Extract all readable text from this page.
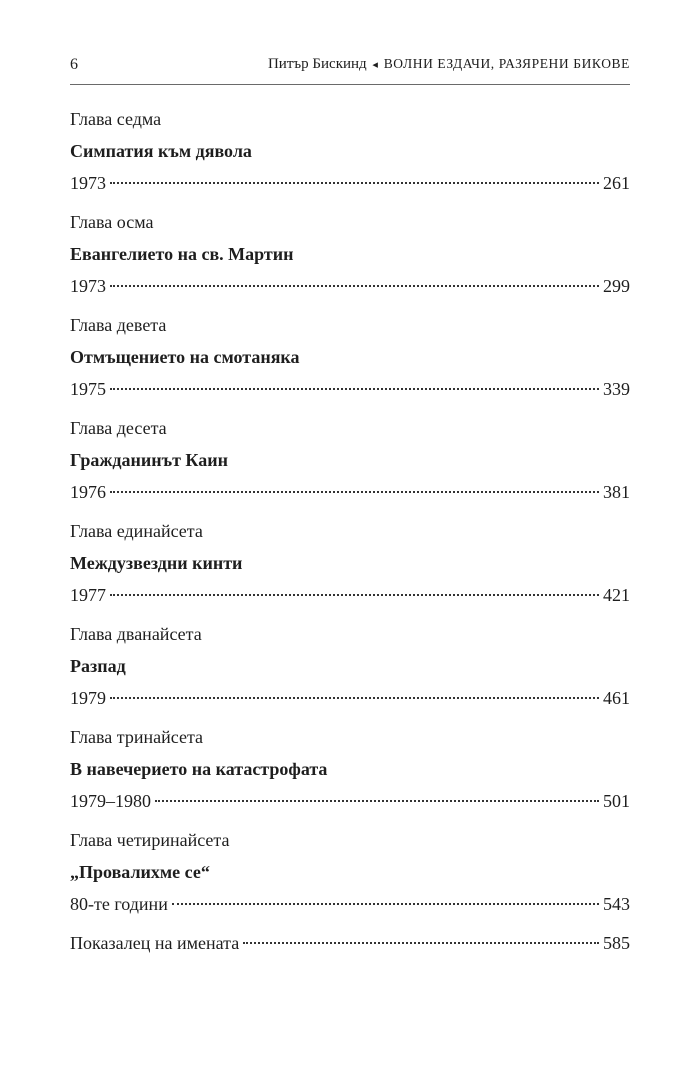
6	Питър Бискинд ◂ ВОЛНИ ЕЗДАЧИ, РАЗЯРЕНИ БИКОВЕ
Глава седма
Симпатия към дявола
1973	261
Глава осма
Евангелието на св. Мартин
1973	299
Глава девета
Отмъщението на смотаняка
1975	339
Глава десета
Гражданинът Каин
1976	381
Глава единайсета
Междузвездни кинти
1977	421
Глава дванайсета
Разпад
1979	461
Глава тринайсета
В навечерието на катастрофата
1979–1980	501
Глава четиринайсета
„Провалихме се“
80-те години	543
Показалец на имената	585
